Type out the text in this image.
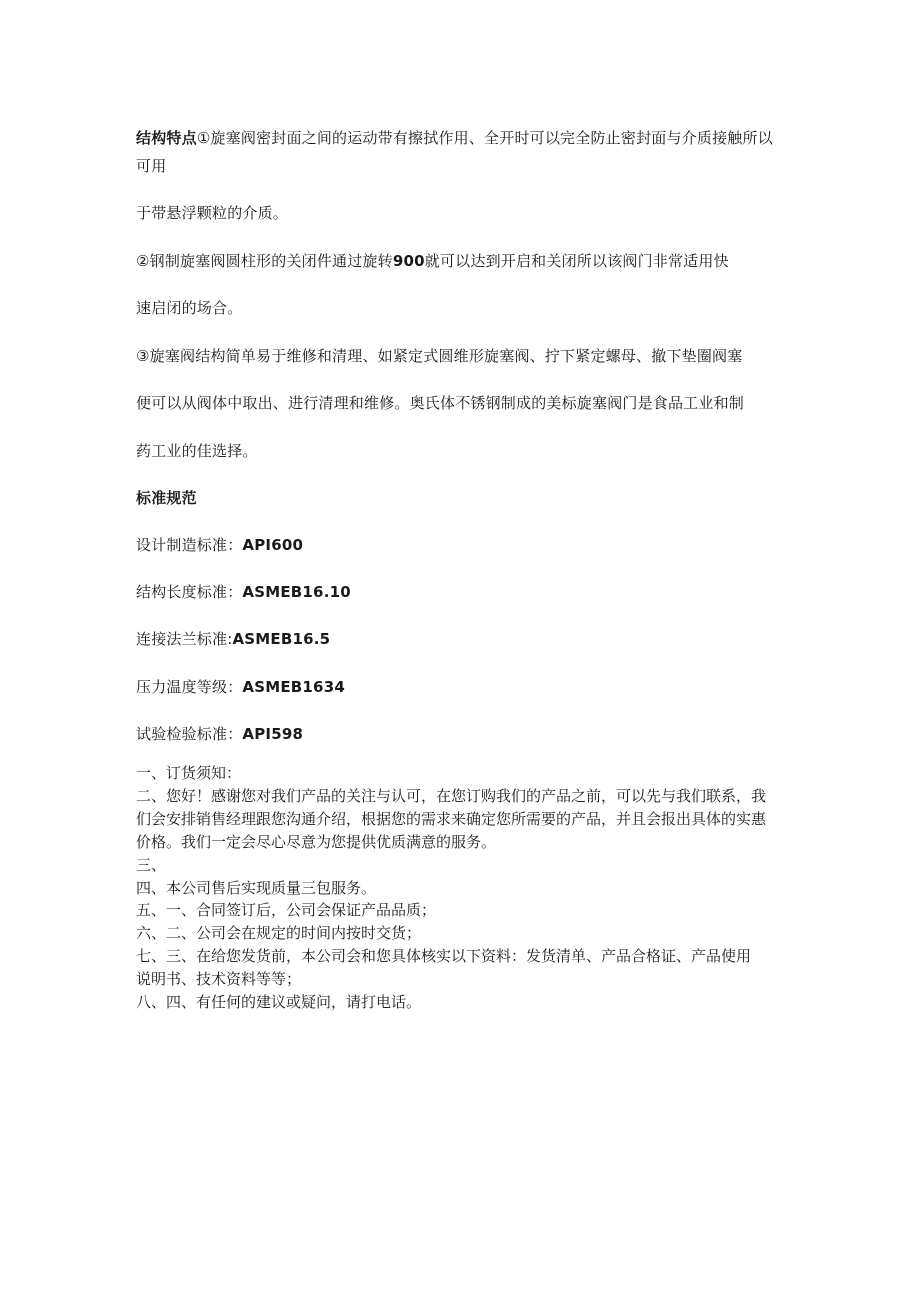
结构特点①旋塞阀密封面之间的运动带有擦拭作用、全开时可以完全防止密封面与介质接触所以
可用
于带悬浮颗粒的介质。
②钢制旋塞阀圆柱形的关闭件通过旋转900就可以达到开启和关闭所以该阀门非常适用快
速启闭的场合。
③旋塞阀结构简单易于维修和清理、如紧定式圆维形旋塞阀、拧下紧定螺母、撤下垫圈阀塞
便可以从阀体中取出、进行清理和维修。奥氏体不锈钢制成的美标旋塞阀门是食品工业和制
药工业的佳选择。
标准规范
设计制造标准：API600
结构长度标准：ASMEB16.10
连接法兰标准:ASMEB16.5
压力温度等级：ASMEB1634
试验检验标准：API598
一、订货须知：
二、您好！感谢您对我们产品的关注与认可，在您订购我们的产品之前，可以先与我们联系，我
们会安排销售经理跟您沟通介绍，根据您的需求来确定您所需要的产品，并且会报出具体的实惠
价格。我们一定会尽心尽意为您提供优质满意的服务。
三、
四、本公司售后实现质量三包服务。
五、一、合同签订后，公司会保证产品品质；
六、二、公司会在规定的时间内按时交货；
七、三、在给您发货前，本公司会和您具体核实以下资料：发货清单、产品合格证、产品使用
说明书、技术资料等等；
八、四、有任何的建议或疑问，请打电话。
